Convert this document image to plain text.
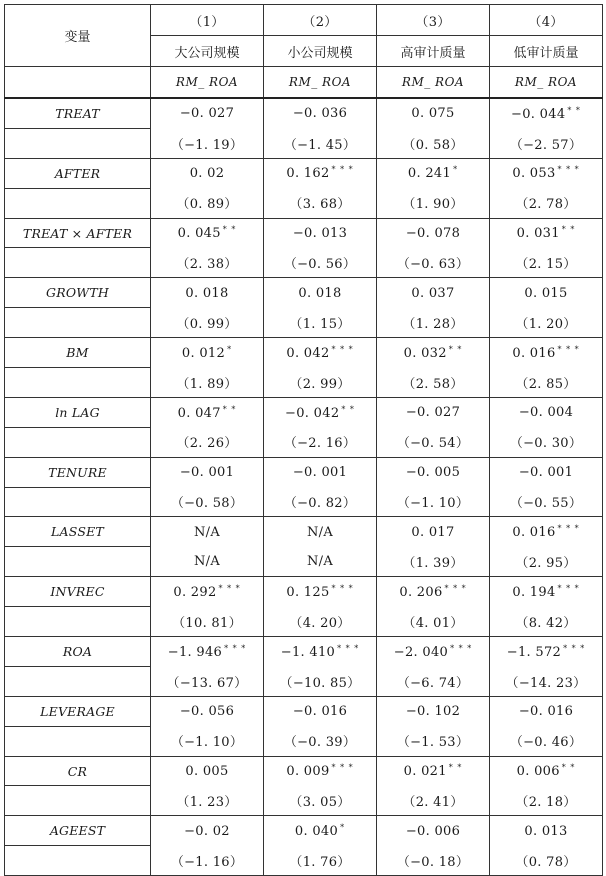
变量	（1）	（2）	（3）	（4）
	大公司规模	小公司规模	高审计质量	低审计质量
	RM_ ROA	RM_ ROA	RM_ ROA	RM_ ROA
TREAT	−0. 027	−0. 036	0. 075	−0. 044 * *
	（−1. 19）	（−1. 45）	（0. 58）	（−2. 57）
AFTER	0. 02	0. 162 * * *	0. 241 *	0. 053 * * *
	（0. 89）	（3. 68）	（1. 90）	（2. 78）
TREAT × AFTER	0. 045 * *	−0. 013	−0. 078	0. 031 * *
	（2. 38）	（−0. 56）	（−0. 63）	（2. 15）
GROWTH	0. 018	0. 018	0. 037	0. 015
	（0. 99）	（1. 15）	（1. 28）	（1. 20）
BM	0. 012 *	0. 042 * * *	0. 032 * *	0. 016 * * *
	（1. 89）	（2. 99）	（2. 58）	（2. 85）
ln LAG	0. 047 * *	−0. 042 * *	−0. 027	−0. 004
	（2. 26）	（−2. 16）	（−0. 54）	（−0. 30）
TENURE	−0. 001	−0. 001	−0. 005	−0. 001
	（−0. 58）	（−0. 82）	（−1. 10）	（−0. 55）
LASSET	N/A	N/A	0. 017	0. 016 * * *
	N/A	N/A	（1. 39）	（2. 95）
INVREC	0. 292 * * *	0. 125 * * *	0. 206 * * *	0. 194 * * *
	（10. 81）	（4. 20）	（4. 01）	（8. 42）
ROA	−1. 946 * * *	−1. 410 * * *	−2. 040 * * *	−1. 572 * * *
	（−13. 67）	（−10. 85）	（−6. 74）	（−14. 23）
LEVERAGE	−0. 056	−0. 016	−0. 102	−0. 016
	（−1. 10）	（−0. 39）	（−1. 53）	（−0. 46）
CR	0. 005	0. 009 * * *	0. 021 * *	0. 006 * *
	（1. 23）	（3. 05）	（2. 41）	（2. 18）
AGEEST	−0. 02	0. 040 *	−0. 006	0. 013
	（−1. 16）	（1. 76）	（−0. 18）	（0. 78）
